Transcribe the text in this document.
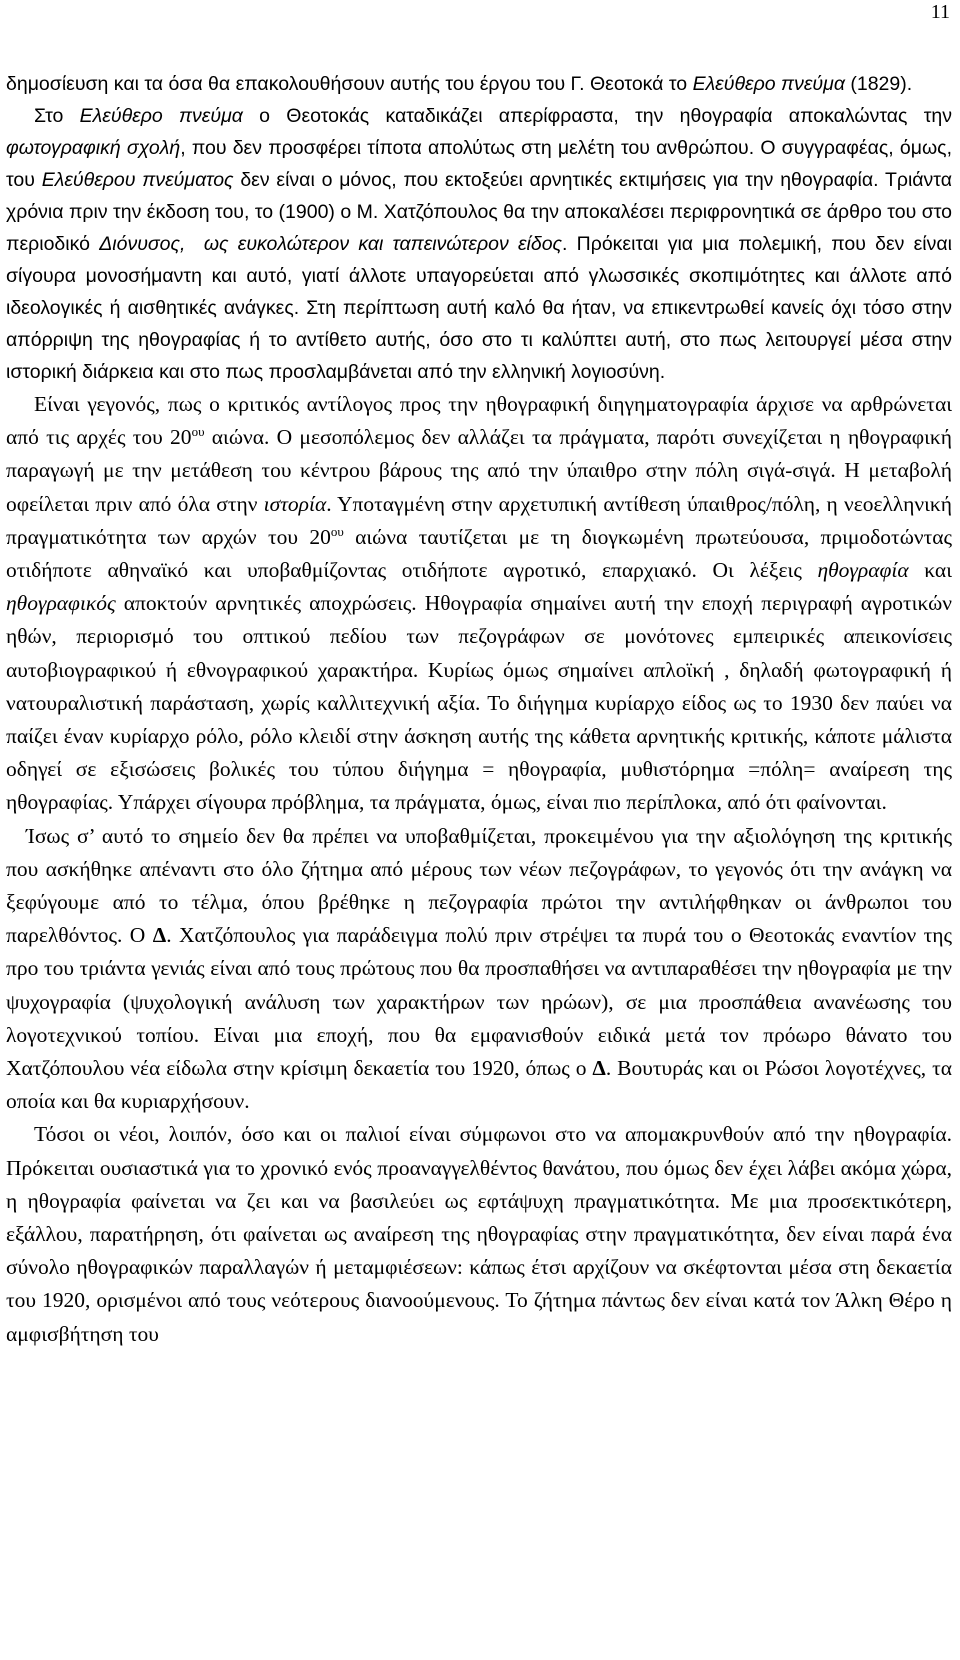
11

δημοσίευση και τα όσα θα επακολουθήσουν αυτής του έργου του Γ. Θεοτοκά το Ελεύθερο πνεύμα (1829).

Στο Ελεύθερο πνεύμα ο Θεοτοκάς καταδικάζει απερίφραστα, την ηθογραφία αποκαλώντας την φωτογραφική σχολή, που δεν προσφέρει τίποτα απολύτως στη μελέτη του ανθρώπου. Ο συγγραφέας, όμως, του Ελεύθερου πνεύματος δεν είναι ο μόνος, που εκτοξεύει αρνητικές εκτιμήσεις για την ηθογραφία. Τριάντα χρόνια πριν την έκδοση του, το (1900) ο Μ. Χατζόπουλος θα την αποκαλέσει περιφρονητικά σε άρθρο του στο περιοδικό Διόνυσος, ως ευκολώτερον και ταπεινώτερον είδος. Πρόκειται για μια πολεμική, που δεν είναι σίγουρα μονοσήμαντη και αυτό, γιατί άλλοτε υπαγορεύεται από γλωσσικές σκοπιμότητες και άλλοτε από ιδεολογικές ή αισθητικές ανάγκες. Στη περίπτωση αυτή καλό θα ήταν, να επικεντρωθεί κανείς όχι τόσο στην απόρριψη της ηθογραφίας ή το αντίθετο αυτής, όσο στο τι καλύπτει αυτή, στο πως λειτουργεί μέσα στην ιστορική διάρκεια και στο πως προσλαμβάνεται από την ελληνική λογιοσύνη.

Είναι γεγονός, πως ο κριτικός αντίλογος προς την ηθογραφική διηγηματογραφία άρχισε να αρθρώνεται από τις αρχές του $20^{o\upsilon}$ αιώνα. Ο μεσοπόλεμος δεν αλλάζει τα πράγματα, παρότι συνεχίζεται η ηθογραφική παραγωγή με την μετάθεση του κέντρου βάρους της από την ύπαιθρο στην πόλη σιγά-σιγά. Η μεταβολή οφείλεται πριν από όλα στην ιστορία. Υποταγμένη στην αρχετυπική αντίθεση ύπαιθρος/πόλη, η νεοελληνική πραγματικότητα των αρχών του $20^{o\upsilon}$ αιώνα ταυτίζεται με τη διογκωμένη πρωτεύουσα, πριμοδοτώντας οτιδήποτε αθηναϊκό και υποβαθμίζοντας οτιδήποτε αγροτικό, επαρχιακό. Οι λέξεις ηθογραφία και ηθογραφικός αποκτούν αρνητικές αποχρώσεις. Ηθογραφία σημαίνει αυτή την εποχή περιγραφή αγροτικών ηθών, περιορισμό του οπτικού πεδίου των πεζογράφων σε μονότονες εμπειρικές απεικονίσεις αυτοβιογραφικού ή εθνογραφικού χαρακτήρα. Κυρίως όμως σημαίνει απλοϊκή , δηλαδή φωτογραφική ή νατουραλιστική παράσταση, χωρίς καλλιτεχνική αξία. Το διήγημα κυρίαρχο είδος ως το 1930 δεν παύει να παίζει έναν κυρίαρχο ρόλο, ρόλο κλειδί στην άσκηση αυτής της κάθετα αρνητικής κριτικής, κάποτε μάλιστα οδηγεί σε εξισώσεις βολικές του τύπου διήγημα = ηθογραφία, μυθιστόρημα =πόλη= αναίρεση της ηθογραφίας. Υπάρχει σίγουρα πρόβλημα, τα πράγματα, όμως, είναι πιο περίπλοκα, από ότι φαίνονται.

Ίσως σ’ αυτό το σημείο δεν θα πρέπει να υποβαθμίζεται, προκειμένου για την αξιολόγηση της κριτικής που ασκήθηκε απέναντι στο όλο ζήτημα από μέρους των νέων πεζογράφων, το γεγονός ότι την ανάγκη να ξεφύγουμε από το τέλμα, όπου βρέθηκε η πεζογραφία πρώτοι την αντιλήφθηκαν οι άνθρωποι του παρελθόντος. Ο Δ. Χατζόπουλος για παράδειγμα πολύ πριν στρέψει τα πυρά του ο Θεοτοκάς εναντίον της προ του τριάντα γενιάς είναι από τους πρώτους που θα προσπαθήσει να αντιπαραθέσει την ηθογραφία με την ψυχογραφία (ψυχολογική ανάλυση των χαρακτήρων των ηρώων), σε μια προσπάθεια ανανέωσης του λογοτεχνικού τοπίου. Είναι μια εποχή, που θα εμφανισθούν ειδικά μετά τον πρόωρο θάνατο του Χατζόπουλου νέα είδωλα στην κρίσιμη δεκαετία του 1920, όπως ο Δ. Βουτυράς και οι Ρώσοι λογοτέχνες, τα οποία και θα κυριαρχήσουν.

Τόσοι οι νέοι, λοιπόν, όσο και οι παλιοί είναι σύμφωνοι στο να απομακρυνθούν από την ηθογραφία. Πρόκειται ουσιαστικά για το χρονικό ενός προαναγγελθέντος θανάτου, που όμως δεν έχει λάβει ακόμα χώρα, η ηθογραφία φαίνεται να ζει και να βασιλεύει ως εφτάψυχη πραγματικότητα. Με μια προσεκτικότερη, εξάλλου, παρατήρηση, ότι φαίνεται ως αναίρεση της ηθογραφίας στην πραγματικότητα, δεν είναι παρά ένα σύνολο ηθογραφικών παραλλαγών ή μεταμφιέσεων: κάπως έτσι αρχίζουν να σκέφτονται μέσα στη δεκαετία του 1920, ορισμένοι από τους νεότερους διανοούμενους. Το ζήτημα πάντως δεν είναι κατά τον Άλκη Θέρο η αμφισβήτηση του
